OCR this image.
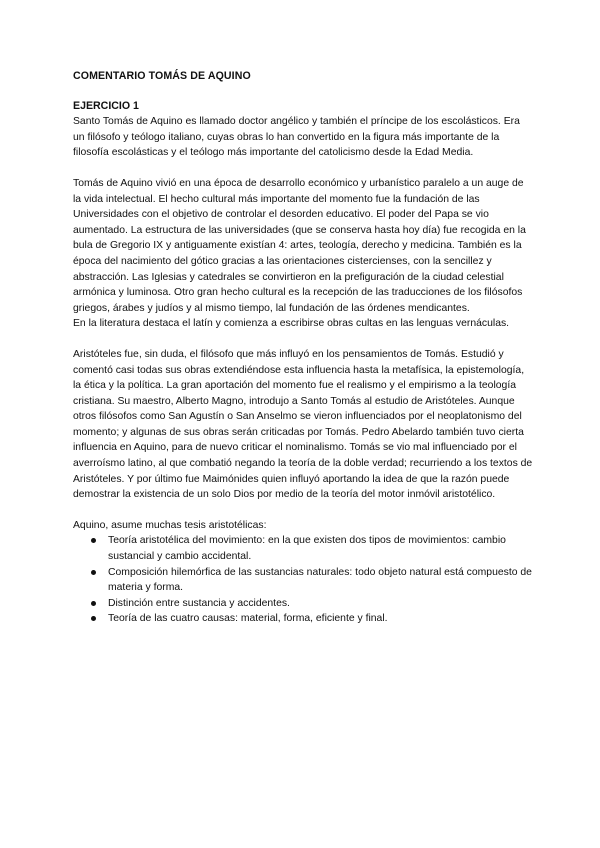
COMENTARIO TOMÁS DE AQUINO
EJERCICIO 1

Santo Tomás de Aquino es llamado doctor angélico y también el príncipe de los escolásticos. Era un filósofo y teólogo italiano, cuyas obras lo han convertido en la figura más importante de la filosofía escolásticas y el teólogo más importante del catolicismo desde la Edad Media.

Tomás de Aquino vivió en una época de desarrollo económico y urbanístico paralelo a un auge de la vida intelectual. El hecho cultural más importante del momento fue la fundación de las Universidades con el objetivo de controlar el desorden educativo. El poder del Papa se vio aumentado. La estructura de las universidades (que se conserva hasta hoy día) fue recogida en la bula de Gregorio IX y antiguamente existían 4: artes, teología, derecho y medicina. También es la época del nacimiento del gótico gracias a las orientaciones cistercienses, con la sencillez y abstracción. Las Iglesias y catedrales se convirtieron en la prefiguración de la ciudad celestial armónica y luminosa. Otro gran hecho cultural es la recepción de las traducciones de los filósofos griegos, árabes y judíos y al mismo tiempo, lal fundación de las órdenes mendicantes.

En la literatura destaca el latín y comienza a escribirse obras cultas en las lenguas vernáculas.

Aristóteles fue, sin duda, el filósofo que más influyó en los pensamientos de Tomás. Estudió y comentó casi todas sus obras extendiéndose esta influencia hasta la metafísica, la epistemología, la ética y la política. La gran aportación del momento fue el realismo y el empirismo a la teología cristiana. Su maestro, Alberto Magno, introdujo a Santo Tomás al estudio de Aristóteles. Aunque otros filósofos como San Agustín o San Anselmo se vieron influenciados por el neoplatonismo del momento; y algunas de sus obras serán criticadas por Tomás. Pedro Abelardo también tuvo cierta influencia en Aquino, para de nuevo criticar el nominalismo. Tomás se vio mal influenciado por el averroísmo latino, al que combatió negando la teoría de la doble verdad; recurriendo a los textos de Aristóteles. Y por último fue Maimónides quien influyó aportando la idea de que la razón puede demostrar la existencia de un solo Dios por medio de la teoría del motor inmóvil aristotélico.

Aquino, asume muchas tesis aristotélicas:

Teoría aristotélica del movimiento: en la que existen dos tipos de movimientos: cambio sustancial y cambio accidental.
Composición hilemórfica de las sustancias naturales: todo objeto natural está compuesto de materia y forma.
Distinción entre sustancia y accidentes.
Teoría de las cuatro causas: material, forma, eficiente y final.
